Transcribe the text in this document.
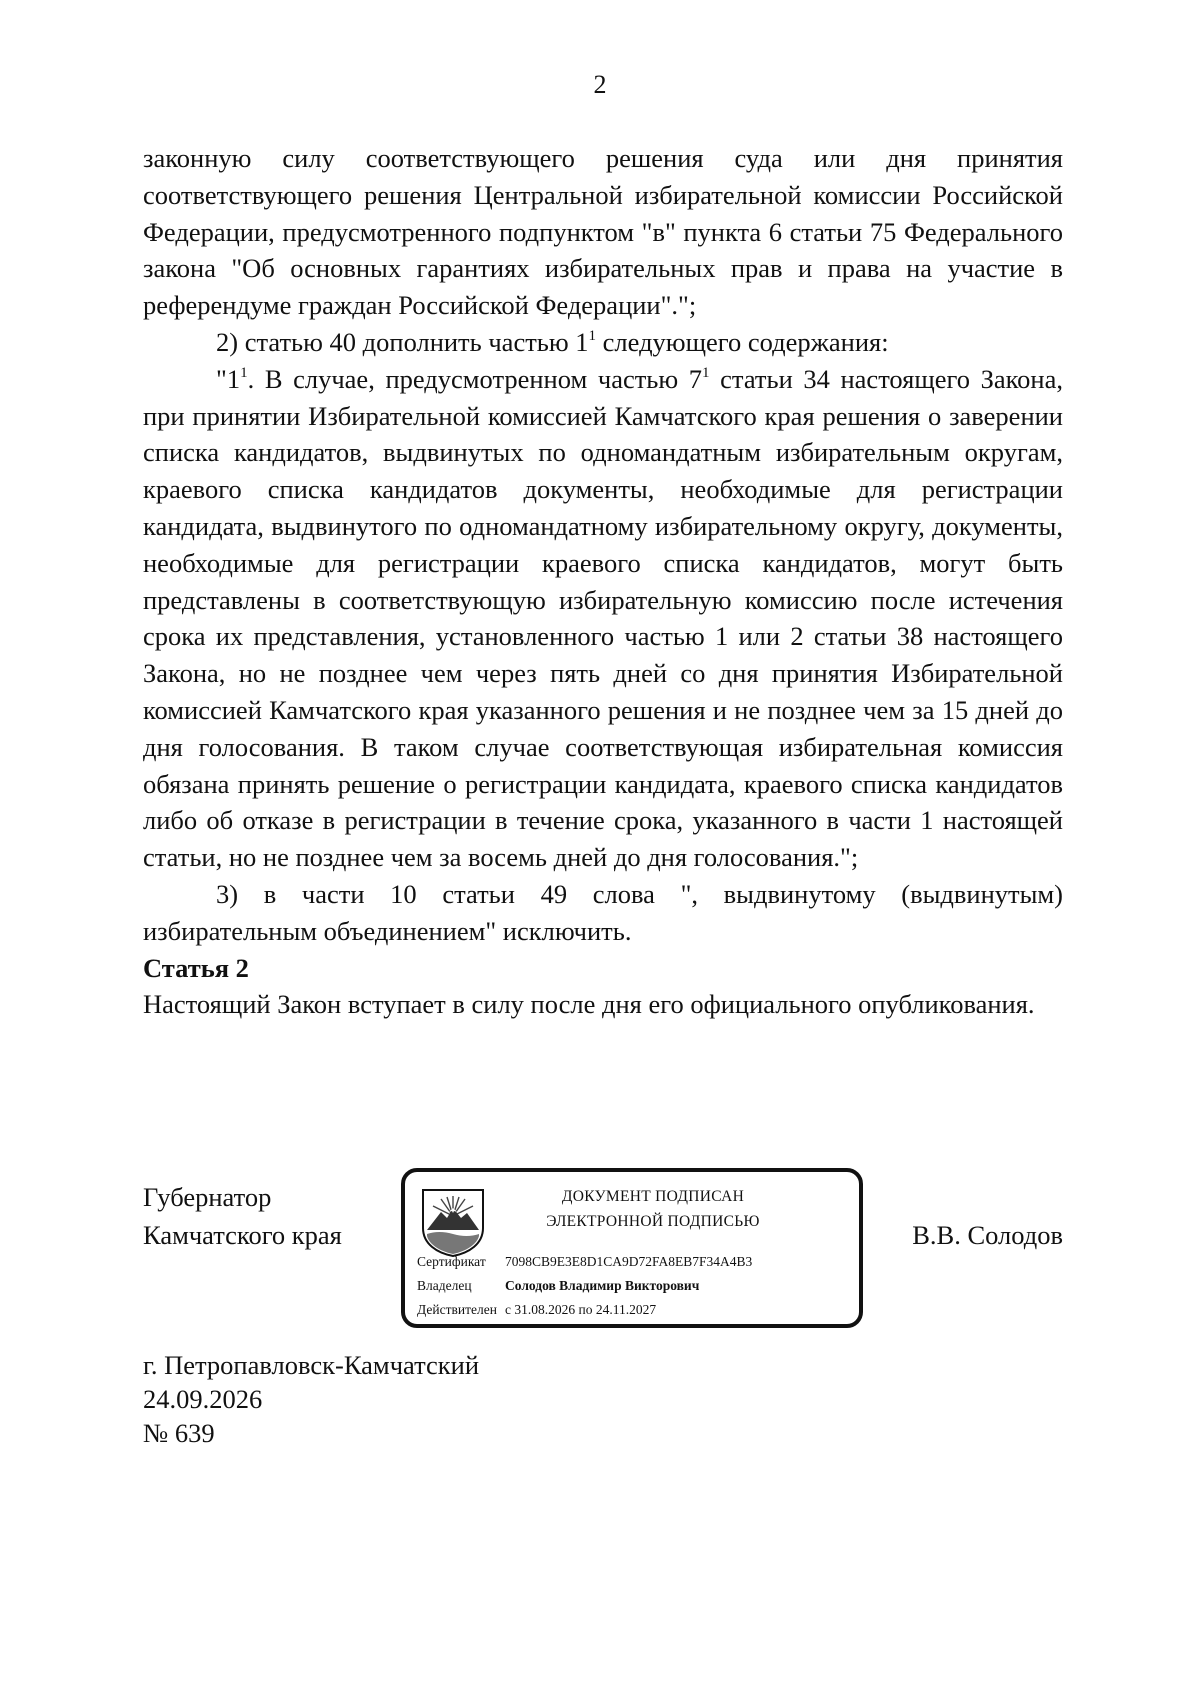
2

законную силу соответствующего решения суда или дня принятия соответствующего решения Центральной избирательной комиссии Российской Федерации, предусмотренного подпунктом "в" пункта 6 статьи 75 Федерального закона "Об основных гарантиях избирательных прав и права на участие в референдуме граждан Российской Федерации".";

2) статью 40 дополнить частью $1^1$ следующего содержания:

"$1^1$. В случае, предусмотренном частью $7^1$ статьи 34 настоящего Закона, при принятии Избирательной комиссией Камчатского края решения о заверении списка кандидатов, выдвинутых по одномандатным избирательным округам, краевого списка кандидатов документы, необходимые для регистрации кандидата, выдвинутого по одномандатному избирательному округу, документы, необходимые для регистрации краевого списка кандидатов, могут быть представлены в соответствующую избирательную комиссию после истечения срока их представления, установленного частью 1 или 2 статьи 38 настоящего Закона, но не позднее чем через пять дней со дня принятия Избирательной комиссией Камчатского края указанного решения и не позднее чем за 15 дней до дня голосования. В таком случае соответствующая избирательная комиссия обязана принять решение о регистрации кандидата, краевого списка кандидатов либо об отказе в регистрации в течение срока, указанного в части 1 настоящей статьи, но не позднее чем за восемь дней до дня голосования.";

3) в части 10 статьи 49 слова ", выдвинутому (выдвинутым) избирательным объединением" исключить.

Статья 2

Настоящий Закон вступает в силу после дня его официального опубликования.

Губернатор
Камчатского края
ДОКУМЕНТ ПОДПИСАН
ЭЛЕКТРОННОЙ ПОДПИСЬЮ
Сертификат 7098CB9E3E8D1CA9D72FA8EB7F34A4B3
Владелец Солодов Владимир Викторович
Действителен с 31.08.2026 по 24.11.2027
В.В. Солодов
г. Петропавловск-Камчатский
24.09.2026
№ 639
